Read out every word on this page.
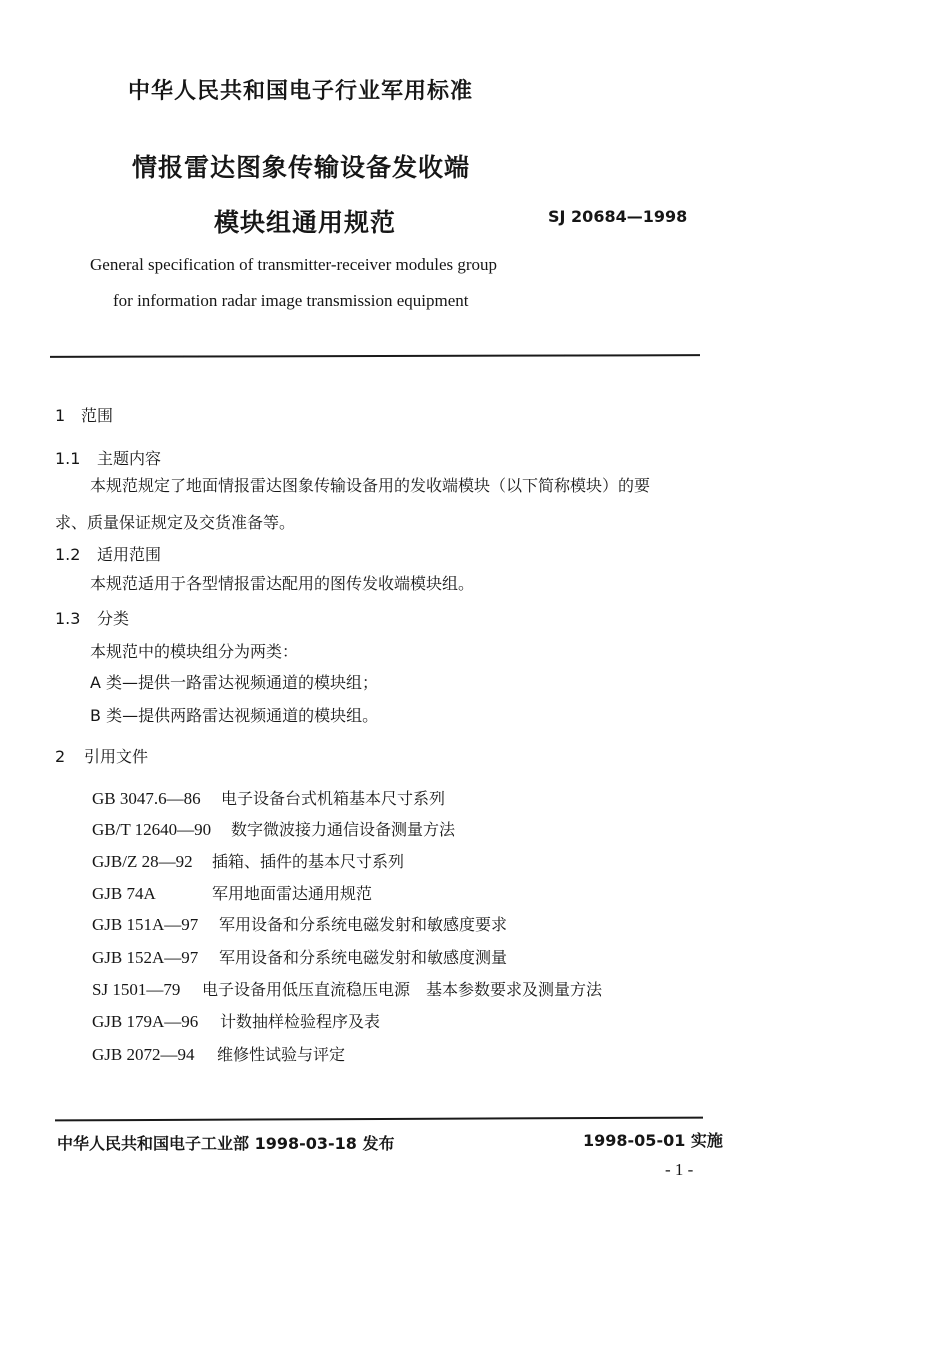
中华人民共和国电子行业军用标准
情报雷达图象传输设备发收端
模块组通用规范	SJ 20684—1998
General specification of transmitter-receiver modules group
for information radar image transmission equipment
1 范围
1.1 主题内容
本规范规定了地面情报雷达图象传输设备用的发收端模块（以下简称模块）的要
求、质量保证规定及交货准备等。
1.2 适用范围
本规范适用于各型情报雷达配用的图传发收端模块组。
1.3 分类
本规范中的模块组分为两类：
A 类—提供一路雷达视频通道的模块组；
B 类—提供两路雷达视频通道的模块组。
2 引用文件
GB 3047.6—86 电子设备台式机箱基本尺寸系列
GB/T 12640—90 数字微波接力通信设备测量方法
GJB/Z 28—92 插箱、插件的基本尺寸系列
GJB 74A	军用地面雷达通用规范
GJB 151A—97 军用设备和分系统电磁发射和敏感度要求
GJB 152A—97 军用设备和分系统电磁发射和敏感度测量
SJ 1501—79 电子设备用低压直流稳压电源　基本参数要求及测量方法
GJB 179A—96 计数抽样检验程序及表
GJB 2072—94 维修性试验与评定
中华人民共和国电子工业部 1998-03-18 发布	1998-05-01 实施
- 1 -
